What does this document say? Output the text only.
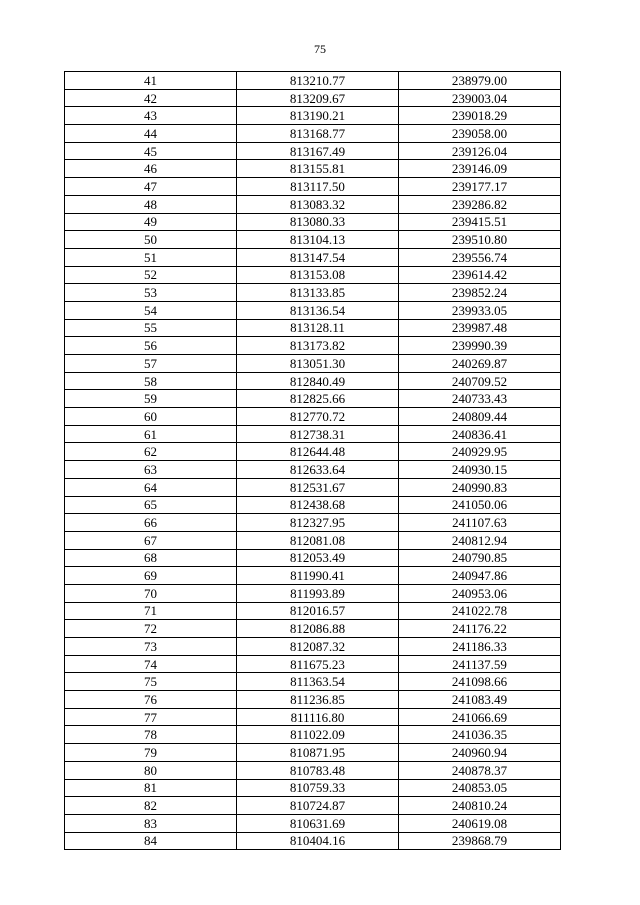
75
41	813210.77	238979.00
42	813209.67	239003.04
43	813190.21	239018.29
44	813168.77	239058.00
45	813167.49	239126.04
46	813155.81	239146.09
47	813117.50	239177.17
48	813083.32	239286.82
49	813080.33	239415.51
50	813104.13	239510.80
51	813147.54	239556.74
52	813153.08	239614.42
53	813133.85	239852.24
54	813136.54	239933.05
55	813128.11	239987.48
56	813173.82	239990.39
57	813051.30	240269.87
58	812840.49	240709.52
59	812825.66	240733.43
60	812770.72	240809.44
61	812738.31	240836.41
62	812644.48	240929.95
63	812633.64	240930.15
64	812531.67	240990.83
65	812438.68	241050.06
66	812327.95	241107.63
67	812081.08	240812.94
68	812053.49	240790.85
69	811990.41	240947.86
70	811993.89	240953.06
71	812016.57	241022.78
72	812086.88	241176.22
73	812087.32	241186.33
74	811675.23	241137.59
75	811363.54	241098.66
76	811236.85	241083.49
77	811116.80	241066.69
78	811022.09	241036.35
79	810871.95	240960.94
80	810783.48	240878.37
81	810759.33	240853.05
82	810724.87	240810.24
83	810631.69	240619.08
84	810404.16	239868.79
